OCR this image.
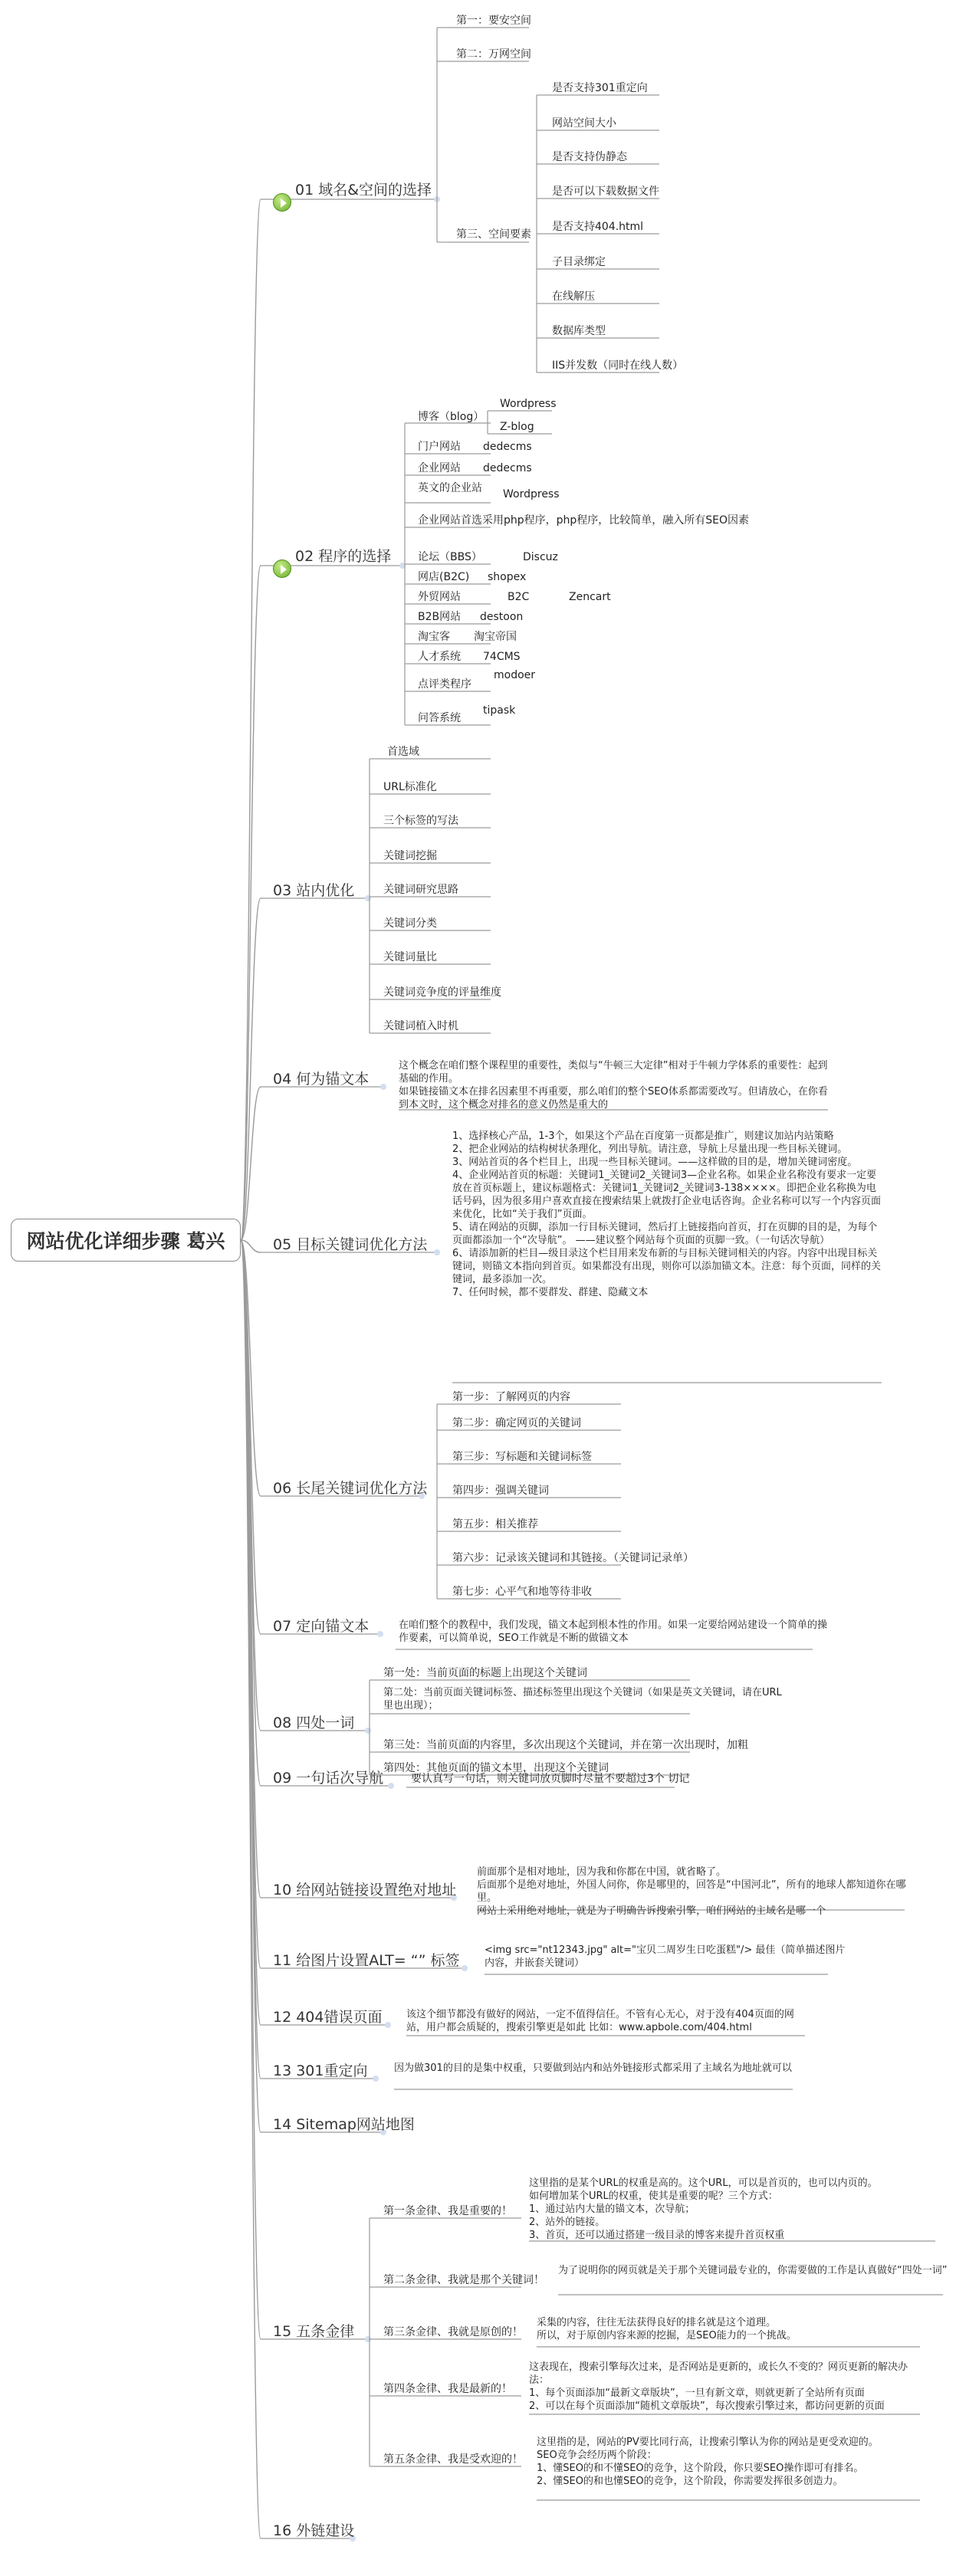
网站优化详细步骤 葛兴
01 域名&空间的选择
02 程序的选择
03 站内优化
04 何为锚文本
05 目标关键词优化方法
06 长尾关键词优化方法
07 定向锚文本
08 四处一词
09 一句话次导航
10 给网站链接设置绝对地址
11 给图片设置ALT= “” 标签
12 404错误页面
13 301重定向
14 Sitemap网站地图
15 五条金律
16 外链建设
第一：要安空间
第二：万网空间
第三、空间要素
是否支持301重定向
网站空间大小
是否支持伪静态
是否可以下载数据文件
是否支持404.html
子目录绑定
在线解压
数据库类型
IIS并发数（同时在线人数）
博客（blog）
Wordpress
Z-blog
门户网站 dedecms
企业网站 dedecms
英文的企业站 Wordpress
企业网站首选采用php程序，php程序，比较简单，融入所有SEO因素
论坛（BBS）	Discuz
网店(B2C) shopex
外贸网站	B2C	Zencart
B2B网站 destoon
淘宝客 淘宝帝国
人才系统 74CMS
点评类程序
modoer
问答系统
tipask
首选域
URL标准化
三个标签的写法
关键词挖掘
关键词研究思路
关键词分类
关键词量比
关键词竞争度的评量维度
关键词植入时机
这个概念在咱们整个课程里的重要性，类似与“牛顿三大定律”相对于牛顿力学体系的重要性：起到基础的作用。
如果链接锚文本在排名因素里不再重要，那么咱们的整个SEO体系都需要改写。但请放心，在你看到本文时，这个概念对排名的意义仍然是重大的
1、选择核心产品，1-3个，如果这个产品在百度第一页都是推广，则建议加站内站策略
2、把企业网站的结构树状条理化，列出导航。请注意，导航上尽量出现一些目标关键词。
3、网站首页的各个栏目上，出现一些目标关键词。——这样做的目的是，增加关键词密度。
4、企业网站首页的标题：关键词1_关键词2_关键词3—企业名称。如果企业名称没有要求一定要放在首页标题上，建议标题格式：关键词1_关键词2_关键词3-138××××。即把企业名称换为电话号码，因为很多用户喜欢直接在搜索结果上就拨打企业电话咨询。企业名称可以写一个内容页面来优化，比如“关于我们”页面。
5、请在网站的页脚，添加一行目标关键词，然后打上链接指向首页，打在页脚的目的是，为每个页面都添加一个“次导航”。 ——建议整个网站每个页面的页脚一致。（一句话次导航）
6、请添加新的栏目—级目录这个栏目用来发布新的与目标关键词相关的内容。内容中出现目标关键词，则锚文本指向到首页。如果都没有出现，则你可以添加锚文本。注意：每个页面，同样的关键词，最多添加一次。
7、任何时候，都不要群发、群建、隐藏文本
第一步：了解网页的内容
第二步：确定网页的关键词
第三步：写标题和关键词标签
第四步：强调关键词
第五步：相关推荐
第六步：记录该关键词和其链接。（关键词记录单）
第七步：心平气和地等待非收
在咱们整个的教程中，我们发现，锚文本起到根本性的作用。如果一定要给网站建设一个简单的操作要素，可以简单说，SEO工作就是不断的做锚文本
第一处：当前页面的标题上出现这个关键词
第二处：当前页面关键词标签、描述标签里出现这个关键词（如果是英文关键词，请在URL里也出现）；
第三处：当前页面的内容里，多次出现这个关键词，并在第一次出现时，加粗
第四处：其他页面的锚文本里，出现这个关键词
要认真写一句话，则关键词放页脚时尽量不要超过3个 切记
前面那个是相对地址，因为我和你都在中国，就省略了。
后面那个是绝对地址，外国人问你，你是哪里的，回答是“中国河北”，所有的地球人都知道你在哪里。
网站上采用绝对地址，就是为了明确告诉搜索引擎，咱们网站的主域名是哪一个
<img src="nt12343.jpg" alt="宝贝二周岁生日吃蛋糕"/> 最佳（简单描述图片内容，并嵌套关键词）
该这个细节都没有做好的网站，一定不值得信任。不管有心无心，对于没有404页面的网站，用户都会质疑的，搜索引擎更是如此 比如：www.apbole.com/404.html
因为做301的目的是集中权重，只要做到站内和站外链接形式都采用了主域名为地址就可以
第一条金律、我是重要的！
这里指的是某个URL的权重是高的。这个URL，可以是首页的，也可以内页的。
如何增加某个URL的权重，使其是重要的呢？三个方式：
1、通过站内大量的锚文本，次导航；
2、站外的链接。
3、首页，还可以通过搭建一级目录的博客来提升首页权重
第二条金律、我就是那个关键词！
为了说明你的网页就是关于那个关键词最专业的，你需要做的工作是认真做好“四处一词”
第三条金律、我就是原创的！
采集的内容，往往无法获得良好的排名就是这个道理。
所以，对于原创内容来源的挖掘，是SEO能力的一个挑战。
第四条金律、我是最新的！
这表现在，搜索引擎每次过来，是否网站是更新的，或长久不变的？网页更新的解决办法：
1、每个页面添加“最新文章版块”，一旦有新文章，则就更新了全站所有页面
2、可以在每个页面添加“随机文章版块”，每次搜索引擎过来，都访问更新的页面
第五条金律、我是受欢迎的！
这里指的是，网站的PV要比同行高，让搜索引擎认为你的网站是更受欢迎的。
SEO竞争会经历两个阶段：
1、懂SEO的和不懂SEO的竞争，这个阶段，你只要SEO操作即可有排名。
2、懂SEO的和也懂SEO的竞争，这个阶段，你需要发挥很多创造力。
